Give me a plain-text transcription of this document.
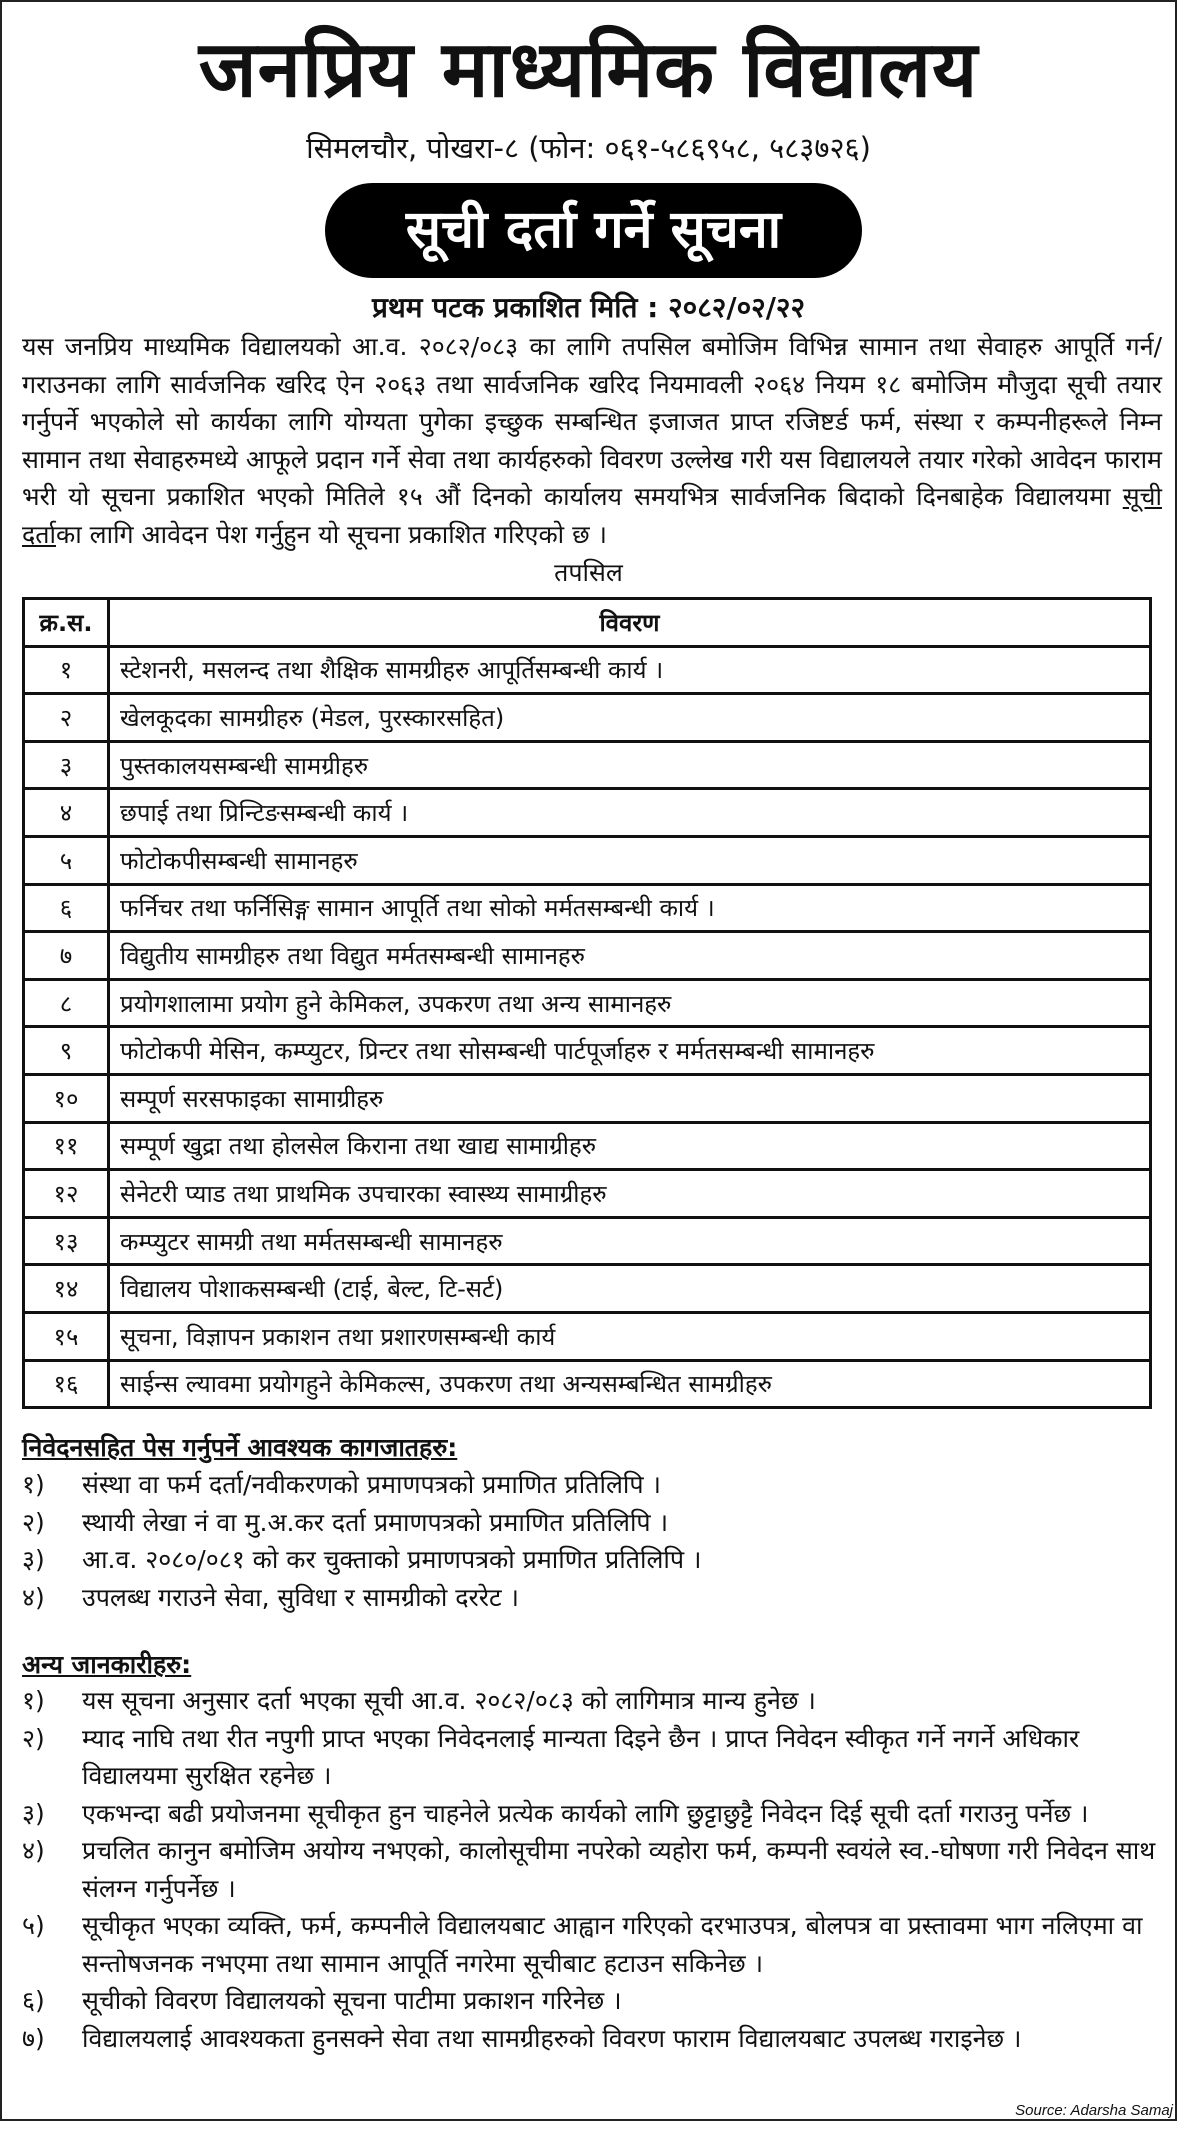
जनप्रिय माध्यमिक विद्यालय
सिमलचौर, पोखरा-८ (फोन: ०६१-५८६९५८, ५८३७२६)
सूची दर्ता गर्ने सूचना
प्रथम पटक प्रकाशित मिति : २०८२/०२/२२
यस जनप्रिय माध्यमिक विद्यालयको आ.व. २०८२/०८३ का लागि तपसिल बमोजिम विभिन्न सामान तथा सेवाहरु आपूर्ति गर्न/गराउनका लागि सार्वजनिक खरिद ऐन २०६३ तथा सार्वजनिक खरिद नियमावली २०६४ नियम १८ बमोजिम मौजुदा सूची तयार गर्नुपर्ने भएकोले सो कार्यका लागि योग्यता पुगेका इच्छुक सम्बन्धित इजाजत प्राप्त रजिष्टर्ड फर्म, संस्था र कम्पनीहरूले निम्न सामान तथा सेवाहरुमध्ये आफूले प्रदान गर्ने सेवा तथा कार्यहरुको विवरण उल्लेख गरी यस विद्यालयले तयार गरेको आवेदन फाराम भरी यो सूचना प्रकाशित भएको मितिले १५ औं दिनको कार्यालय समयभित्र सार्वजनिक बिदाको दिनबाहेक विद्यालयमा सूची दर्ताका लागि आवेदन पेश गर्नुहुन यो सूचना प्रकाशित गरिएको छ ।
तपसिल
क्र.स.	विवरण
१	स्टेशनरी, मसलन्द तथा शैक्षिक सामग्रीहरु आपूर्तिसम्बन्धी कार्य ।
२	खेलकूदका सामग्रीहरु (मेडल, पुरस्कारसहित)
३	पुस्तकालयसम्बन्धी सामग्रीहरु
४	छपाई तथा प्रिन्टिङसम्बन्धी कार्य ।
५	फोटोकपीसम्बन्धी सामानहरु
६	फर्निचर तथा फर्निसिङ्ग सामान आपूर्ति तथा सोको मर्मतसम्बन्धी कार्य ।
७	विद्युतीय सामग्रीहरु तथा विद्युत मर्मतसम्बन्धी सामानहरु
८	प्रयोगशालामा प्रयोग हुने केमिकल, उपकरण तथा अन्य सामानहरु
९	फोटोकपी मेसिन, कम्प्युटर, प्रिन्टर तथा सोसम्बन्धी पार्टपूर्जाहरु र मर्मतसम्बन्धी सामानहरु
१०	सम्पूर्ण सरसफाइका सामाग्रीहरु
११	सम्पूर्ण खुद्रा तथा होलसेल किराना तथा खाद्य सामाग्रीहरु
१२	सेनेटरी प्याड तथा प्राथमिक उपचारका स्वास्थ्य सामाग्रीहरु
१३	कम्प्युटर सामग्री तथा मर्मतसम्बन्धी सामानहरु
१४	विद्यालय पोशाकसम्बन्धी (टाई, बेल्ट, टि-सर्ट)
१५	सूचना, विज्ञापन प्रकाशन तथा प्रशारणसम्बन्धी कार्य
१६	साईन्स ल्यावमा प्रयोगहुने केमिकल्स, उपकरण तथा अन्यसम्बन्धित सामग्रीहरु
निवेदनसहित पेस गर्नुपर्ने आवश्यक कागजातहरु:
१)	संस्था वा फर्म दर्ता/नवीकरणको प्रमाणपत्रको प्रमाणित प्रतिलिपि ।
२)	स्थायी लेखा नं वा मु.अ.कर दर्ता प्रमाणपत्रको प्रमाणित प्रतिलिपि ।
३)	आ.व. २०८०/०८१ को कर चुक्ताको प्रमाणपत्रको प्रमाणित प्रतिलिपि ।
४)	उपलब्ध गराउने सेवा, सुविधा र सामग्रीको दररेट ।
अन्य जानकारीहरु:
१)	यस सूचना अनुसार दर्ता भएका सूची आ.व. २०८२/०८३ को लागिमात्र मान्य हुनेछ ।
२)	म्याद नाघि तथा रीत नपुगी प्राप्त भएका निवेदनलाई मान्यता दिइने छैन । प्राप्त निवेदन स्वीकृत गर्ने नगर्ने अधिकार विद्यालयमा सुरक्षित रहनेछ ।
३)	एकभन्दा बढी प्रयोजनमा सूचीकृत हुन चाहनेले प्रत्येक कार्यको लागि छुट्टाछुट्टै निवेदन दिई सूची दर्ता गराउनु पर्नेछ ।
४)	प्रचलित कानुन बमोजिम अयोग्य नभएको, कालोसूचीमा नपरेको व्यहोरा फर्म, कम्पनी स्वयंले स्व.-घोषणा गरी निवेदन साथ संलग्न गर्नुपर्नेछ ।
५)	सूचीकृत भएका व्यक्ति, फर्म, कम्पनीले विद्यालयबाट आह्वान गरिएको दरभाउपत्र, बोलपत्र वा प्रस्तावमा भाग नलिएमा वा सन्तोषजनक नभएमा तथा सामान आपूर्ति नगरेमा सूचीबाट हटाउन सकिनेछ ।
६)	सूचीको विवरण विद्यालयको सूचना पाटीमा प्रकाशन गरिनेछ ।
७)	विद्यालयलाई आवश्यकता हुनसक्ने सेवा तथा सामग्रीहरुको विवरण फाराम विद्यालयबाट उपलब्ध गराइनेछ ।
Source: Adarsha Samaj
